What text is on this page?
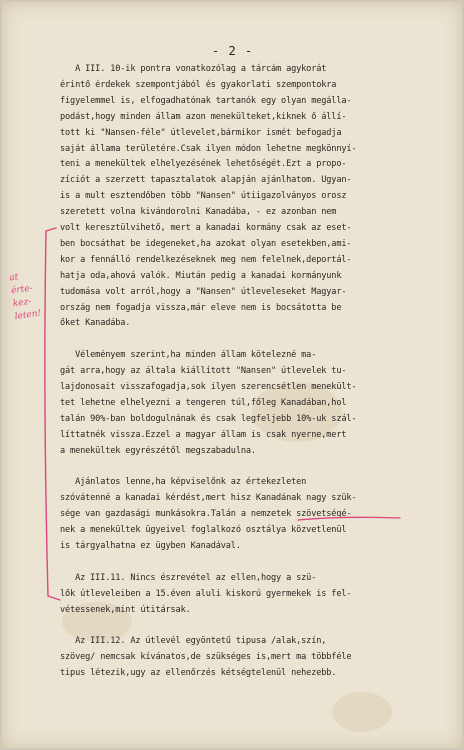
- 2 -
A III. 10-ik pontra vonatkozólag a tárcám agykorát
érintő érdekek szempontjából és gyakorlati szempontokra
figyelemmel is, elfogadhatónak tartanók egy olyan megálla-
podást,hogy minden állam azon menekülteket,kiknek ő állí-
tott ki "Nansen-féle" útlevelet,bármikor ismét befogadja
saját állama területére.Csak ilyen módon lehetne megkönnyí-
teni a menekültek elhelyezésének lehetőségét.Ezt a propo-
zíciót a szerzett tapasztalatok alapján ajánlhatom. Ugyan-
is a mult esztendőben több "Nansen" útiigazolványos orosz
szeretett volna kivándorolni Kanadába, - ez azonban nem
volt keresztülvihető, mert a kanadai kormány csak az eset-
ben bocsáthat be idegeneket,ha azokat olyan esetekben,ami-
kor a fennálló rendelkezéseknek meg nem felelnek,deportál-
hatja oda,ahová valók. Miután pedig a kanadai kormányunk
tudomása volt arról,hogy a "Nansen" útleveleseket Magyar-
ország nem fogadja vissza,már eleve nem is bocsátotta be
őket Kanadába.
Véleményem szerint,ha minden állam kötelezné ma-
gát arra,hogy az általa kiállított "Nansen" útlevelek tu-
lajdonosait visszafogadja,sok ilyen szerencsétlen menekült-
tet lehetne elhelyezni a tengeren túl,főleg Kanadában,hol
talán 90%-ban boldogulnának és csak legfeljebb 10%-uk szál-
líttatnék vissza.Ezzel a magyar állam is csak nyerne,mert
a menekültek egyrészétől megszabadulna.
Ajánlatos lenne,ha képviselőnk az értekezleten
szóvátenné a kanadai kérdést,mert hisz Kanadának nagy szük-
sége van gazdasági munkásokra.Talán a nemzetek szövetségé-
nek a menekültek ügyeivel foglalkozó osztálya közvetlenül
is tárgyalhatna ez ügyben Kanadával.
Az III.11. Nincs észrevétel az ellen,hogy a szü-
lők útleveleiben a 15.éven aluli kiskorú gyermekek is fel-
vétessenek,mint útitársak.
Az III.12. Az útlevél egyöntetű tipusa /alak,szín,
szöveg/ nemcsak kívánatos,de szükséges is,mert ma többféle
tipus létezik,ugy az ellenőrzés kétségtelenül nehezebb.
at
érte-
kez-
leten!
